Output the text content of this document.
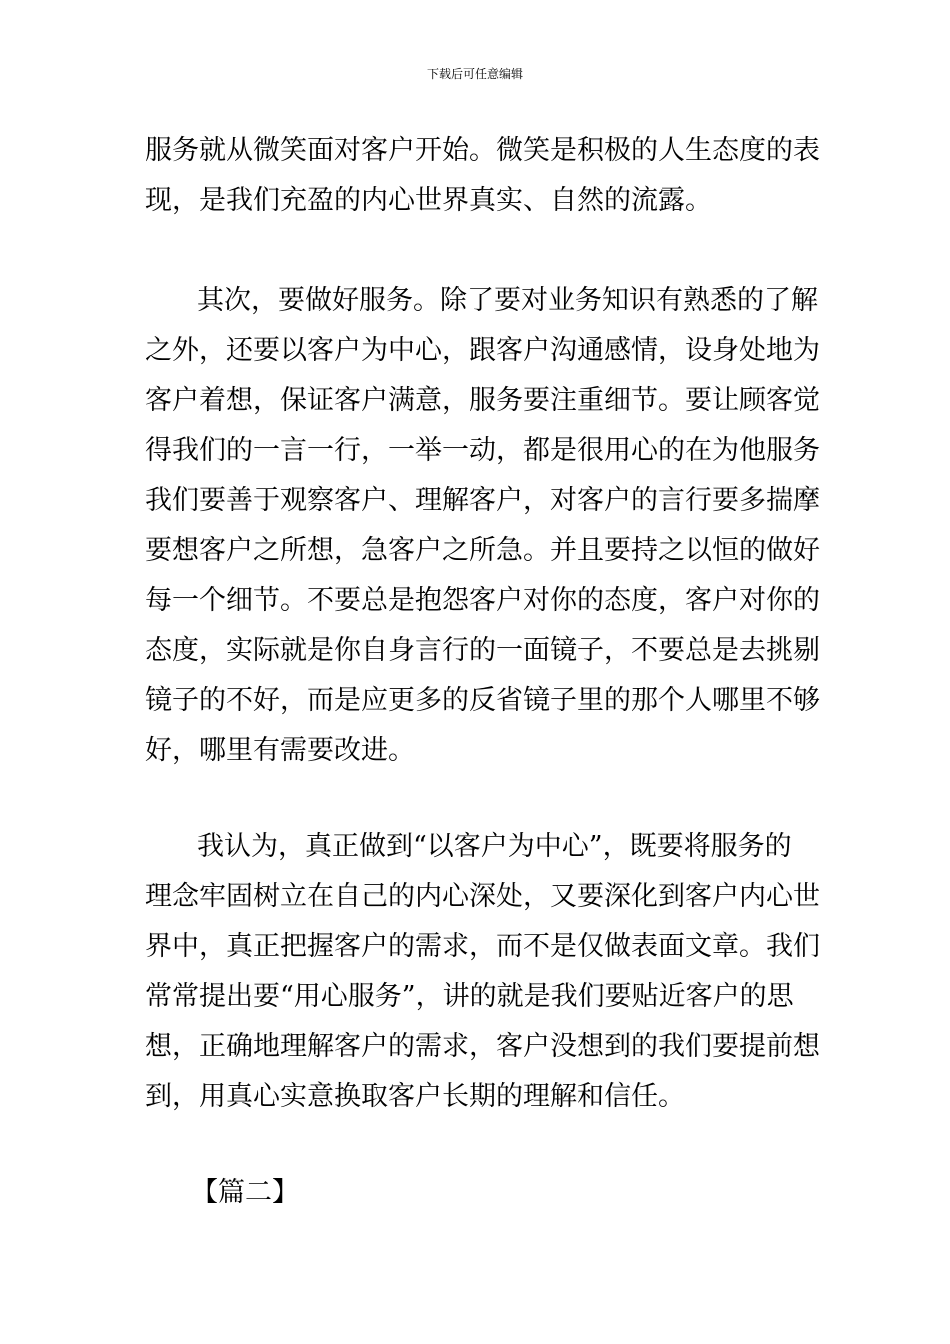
下载后可任意编辑
服务就从微笑面对客户开始。微笑是积极的人生态度的表
现，是我们充盈的内心世界真实、自然的流露。
其次，要做好服务。除了要对业务知识有熟悉的了解
之外，还要以客户为中心，跟客户沟通感情，设身处地为
客户着想，保证客户满意，服务要注重细节。要让顾客觉
得我们的一言一行，一举一动，都是很用心的在为他服务
我们要善于观察客户、理解客户，对客户的言行要多揣摩
要想客户之所想，急客户之所急。并且要持之以恒的做好
每一个细节。不要总是抱怨客户对你的态度，客户对你的
态度，实际就是你自身言行的一面镜子，不要总是去挑剔
镜子的不好，而是应更多的反省镜子里的那个人哪里不够
好，哪里有需要改进。
我认为，真正做到“以客户为中心”，既要将服务的
理念牢固树立在自己的内心深处，又要深化到客户内心世
界中，真正把握客户的需求，而不是仅做表面文章。我们
常常提出要“用心服务”，讲的就是我们要贴近客户的思
想，正确地理解客户的需求，客户没想到的我们要提前想
到，用真心实意换取客户长期的理解和信任。
【篇二】
